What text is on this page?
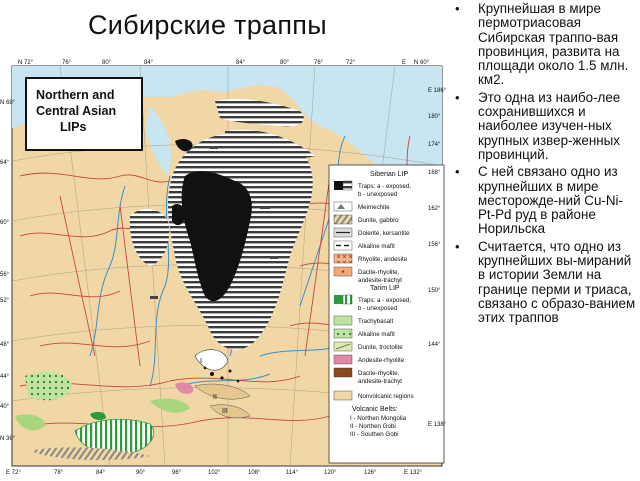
Сибирские траппы
I
II
III
Northern and
Central Asian
LIPs
Siberian LIP
Traps: a - exposed,
b - unexposed
Meimechite
Dunite, gabbro
Dolerite, kersantite
Alkaline mafit
Rhyolite, andesite
Dacite-rhyolite,
andesite-trachyt
Tarim LIP
Traps: a - exposed,
b - unexposed
Trachybasalt
Alkaline mafit
Dunite, troctolite
Andesite-rhyolite
Dacite-rhyolite,
andesite-trachyt
Nonvolcanic regions
Volcanic Belts:
I - Northen Mongolia
II - Northen Gobi
III - Southen Gobi
N 72°	76°	80°	84°	84°	80°	76°	72°	E N 60°
E 72°	78°	84°	90°	96°	102°	108°	114°	120°	126°	E 132°
N 68°
64°
60°
56°
52°
48°
44°
40°
N 36°
E 186°
180°
174°
168°
162°
156°
150°
144°
E 138°
• Крупнейшая в мире пермотриасовая Сибирская траппо-вая провинция, развита на площади около 1.5 млн. км2.
• Это одна из наибо-лее сохранившихся и наиболее изучен-ных крупных извер-женных провинций.
• С ней связано одно из крупнейших в мире месторожде-ний Cu-Ni-Pt-Pd руд в районе Норильска
• Считается, что одно из крупнейших вы-мираний в истории Земли на границе перми и триаса, связано с образо-ванием этих траппов
